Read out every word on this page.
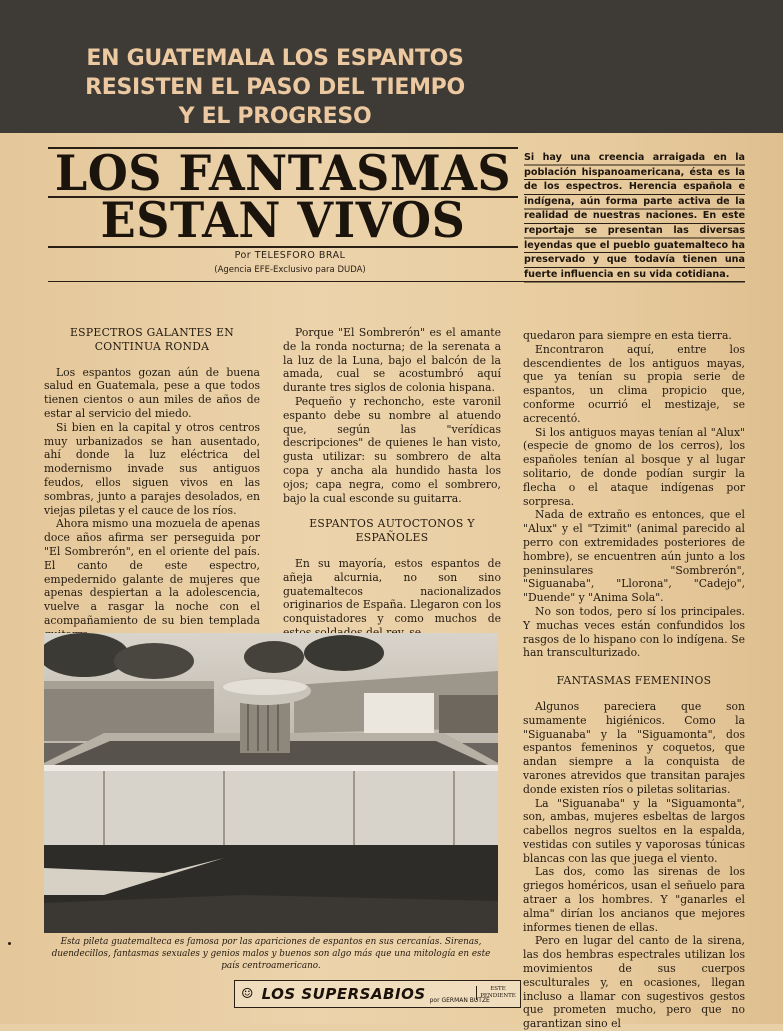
EN GUATEMALA LOS ESPANTOS
RESISTEN EL PASO DEL TIEMPO
Y EL PROGRESO
LOS FANTASMAS
ESTAN VIVOS
Por TELESFORO BRAL
(Agencia EFE-Exclusivo para DUDA)
Si hay una creencia arraigada en la población hispanoamericana, ésta es la de los espectros. Herencia española e indígena, aún forma parte activa de la realidad de nuestras naciones. En este reportaje se presentan las diversas leyendas que el pueblo guatemalteco ha preservado y que todavía tienen una fuerte influencia en su vida cotidiana.

ESPECTROS GALANTES EN CONTINUA RONDA

Los espantos gozan aún de buena salud en Guatemala, pese a que todos tienen cientos o aun miles de años de estar al servicio del miedo.

Si bien en la capital y otros centros muy urbanizados se han ausentado, ahí donde la luz eléctrica del modernismo invade sus antiguos feudos, ellos siguen vivos en las sombras, junto a parajes desolados, en viejas piletas y el cauce de los ríos.

Ahora mismo una mozuela de apenas doce años afirma ser perseguida por "El Sombrerón", en el oriente del país. El canto de este espectro, empedernido galante de mujeres que apenas despiertan a la adolescencia, vuelve a rasgar la noche con el acompañamiento de su bien templada

Porque "El Sombrerón" es el amante de la ronda nocturna; de la serenata a la luz de la Luna, bajo el balcón de la amada, cual se acostumbró aquí durante tres siglos de colonia hispana.

Pequeño y rechoncho, este varonil espanto debe su nombre al atuendo que, según las "verídicas descripciones" de quienes le han visto, gusta utilizar: su sombrero de alta copa y ancha ala hundido hasta los ojos; capa negra, como el sombrero, bajo la cual esconde su guitarra.

ESPANTOS AUTOCTONOS Y ESPAÑOLES

En su mayoría, estos espantos de añeja alcurnia, no son sino guatemaltecos nacionalizados originarios de España. Llegaron con los conquistadores y como muchos de

quedaron para siempre en esta tierra.

Encontraron aquí, entre los descendientes de los antiguos mayas, que ya tenían su propia serie de espantos, un clima propicio que, conforme ocurrió el mestizaje, se acrecentó.

Si los antiguos mayas tenían al "Alux" (especie de gnomo de los cerros), los españoles tenían al bosque y al lugar solitario, de donde podían surgir la flecha o el ataque indígenas por sorpresa.

Nada de extraño es entonces, que el "Alux" y el "Tzimit" (animal parecido al perro con extremidades posteriores de hombre), se encuentren aún junto a los peninsulares "Sombrerón", "Siguanaba", "Llorona", "Cadejo", "Duende" y "Anima Sola".

No son todos, pero sí los principales. Y muchas veces están confundidos los rasgos de lo hispano con lo indígena. Se han transculturizado.

FANTASMAS FEMENINOS

Algunos pareciera que son sumamente higiénicos. Como la "Siguanaba" y la "Siguamonta", dos espantos femeninos y coquetos, que andan siempre a la conquista de varones atrevidos que transitan parajes donde existen ríos o piletas solitarias.

La "Siguanaba" y la "Siguamonta", son, ambas, mujeres esbeltas de largos cabellos negros sueltos en la espalda, vestidas con sutiles y vaporosas túnicas blancas con las que juega el viento.

Las dos, como las sirenas de los griegos homéricos, usan el señuelo para atraer a los hombres. Y "ganarles el alma" dirían los ancianos que mejores informes tienen de ellas.

Pero en lugar del canto de la sirena, las dos hembras espectrales utilizan los movimientos de sus cuerpos esculturales y, en ocasiones, llegan incluso a llamar con sugestivos gestos que prometen mucho, pero que no garantizan sino el

Esta pileta guatemalteca es famosa por las apariciones de espantos en sus cercanías. Sirenas, duendecillos, fantasmas sexuales y genios malos y buenos son algo más que una mitología en este país centroamericano.
☺ LOS SUPERSABIOS por GERMAN BUTZE
ESTE PENDIENTE
